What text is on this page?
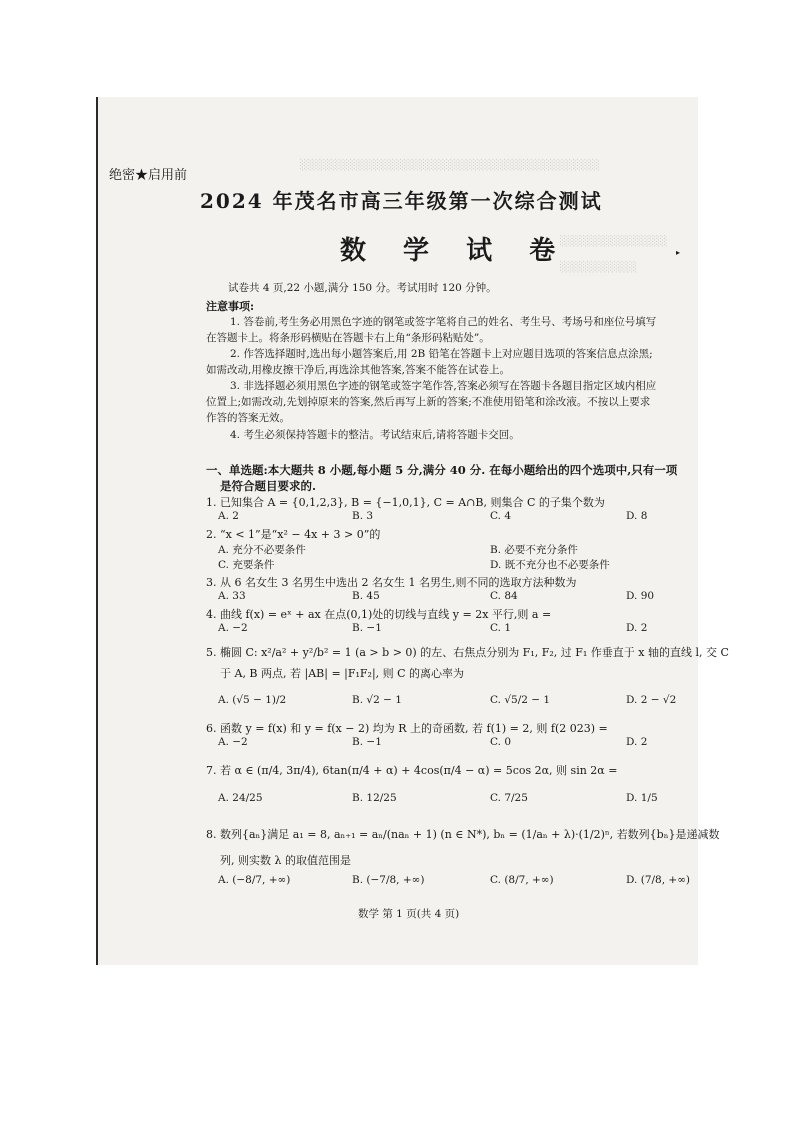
░░░░░░░░░░░░░░░░░░░░░░░░░░░░░░░░░░░░░░░
░░░░░░░░░░░░░░
░░░░░░░░░░
绝密★启用前
2024 年茂名市高三年级第一次综合测试
数 学 试 卷	▸
试卷共 4 页,22 小题,满分 150 分。考试用时 120 分钟。
注意事项:
1. 答卷前,考生务必用黑色字迹的钢笔或签字笔将自己的姓名、考生号、考场号和座位号填写在答题卡上。将条形码横贴在答题卡右上角“条形码粘贴处”。
2. 作答选择题时,选出每小题答案后,用 2B 铅笔在答题卡上对应题目选项的答案信息点涂黑;如需改动,用橡皮擦干净后,再选涂其他答案,答案不能答在试卷上。
3. 非选择题必须用黑色字迹的钢笔或签字笔作答,答案必须写在答题卡各题目指定区域内相应位置上;如需改动,先划掉原来的答案,然后再写上新的答案;不准使用铅笔和涂改液。不按以上要求作答的答案无效。
4. 考生必须保持答题卡的整洁。考试结束后,请将答题卡交回。
一、单选题:本大题共 8 小题,每小题 5 分,满分 40 分. 在每小题给出的四个选项中,只有一项
是符合题目要求的.
1. 已知集合 A = {0,1,2,3}, B = {−1,0,1}, C = A∩B, 则集合 C 的子集个数为
A. 2	B. 3	C. 4	D. 8
2. “x < 1”是“x² − 4x + 3 > 0”的
A. 充分不必要条件	B. 必要不充分条件
C. 充要条件	D. 既不充分也不必要条件
3. 从 6 名女生 3 名男生中选出 2 名女生 1 名男生,则不同的选取方法种数为
A. 33	B. 45	C. 84	D. 90
4. 曲线 f(x) = eˣ + ax 在点(0,1)处的切线与直线 y = 2x 平行,则 a =
A. −2	B. −1	C. 1	D. 2
5. 椭圆 C: x²/a² + y²/b² = 1 (a > b > 0) 的左、右焦点分别为 F₁, F₂, 过 F₁ 作垂直于 x 轴的直线 l, 交 C
于 A, B 两点, 若 |AB| = |F₁F₂|, 则 C 的离心率为
A. (√5 − 1)/2	B. √2 − 1	C. √5/2 − 1	D. 2 − √2
6. 函数 y = f(x) 和 y = f(x − 2) 均为 R 上的奇函数, 若 f(1) = 2, 则 f(2 023) =
A. −2	B. −1	C. 0	D. 2
7. 若 α ∈ (π/4, 3π/4), 6tan(π/4 + α) + 4cos(π/4 − α) = 5cos 2α, 则 sin 2α =
A. 24/25	B. 12/25	C. 7/25	D. 1/5
8. 数列{aₙ}满足 a₁ = 8, aₙ₊₁ = aₙ/(naₙ + 1) (n ∈ N*), bₙ = (1/aₙ + λ)·(1/2)ⁿ, 若数列{bₙ}是递减数
列, 则实数 λ 的取值范围是
A. (−8/7, +∞)	B. (−7/8, +∞)	C. (8/7, +∞)	D. (7/8, +∞)
数学 第 1 页(共 4 页)
